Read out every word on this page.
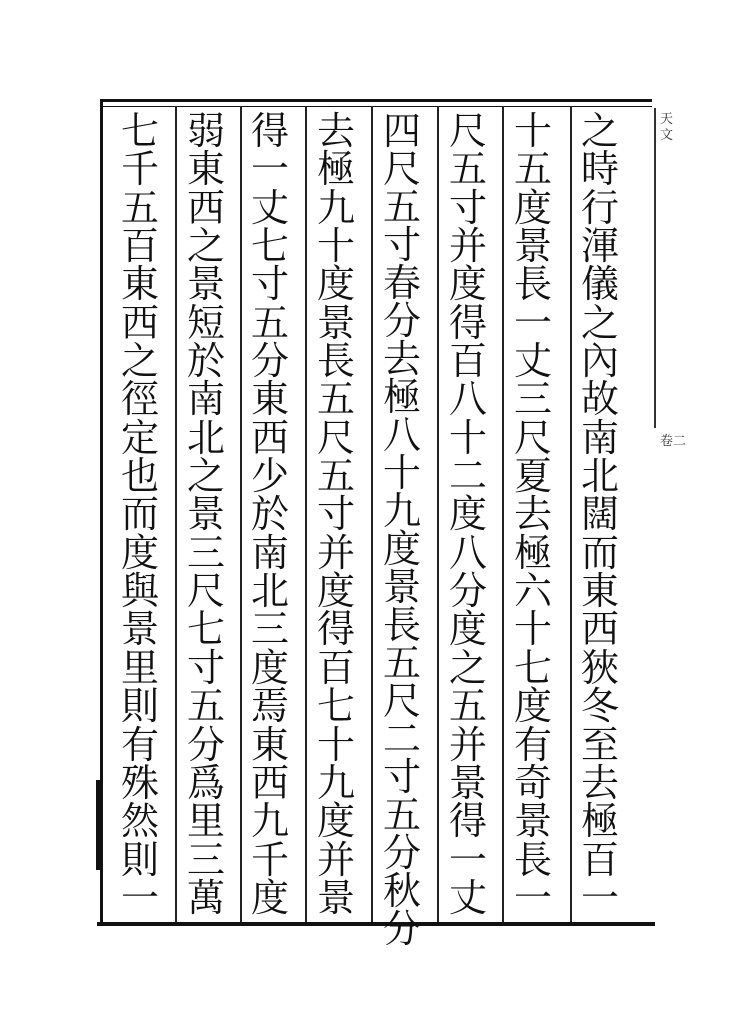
天文
卷二
之
時
行
渾
儀
之
內
故
南
北
闊
而
東
西
狹
冬
至
去
極
百
一
十
五
度
景
長
一
丈
三
尺
夏
去
極
六
十
七
度
有
奇
景
長
一
尺
五
寸
并
度
得
百
八
十
二
度
八
分
度
之
五
并
景
得
一
丈
四
尺
五
寸
春
分
去
極
八
十
九
度
景
長
五
尺
二
寸
五
分
秋
分
去
極
九
十
度
景
長
五
尺
五
寸
并
度
得
百
七
十
九
度
并
景
得
一
丈
七
寸
五
分
東
西
少
於
南
北
三
度
焉
東
西
九
千
度
弱
東
西
之
景
短
於
南
北
之
景
三
尺
七
寸
五
分
爲
里
三
萬
七
千
五
百
東
西
之
徑
定
也
而
度
與
景
里
則
有
殊
然
則
一
